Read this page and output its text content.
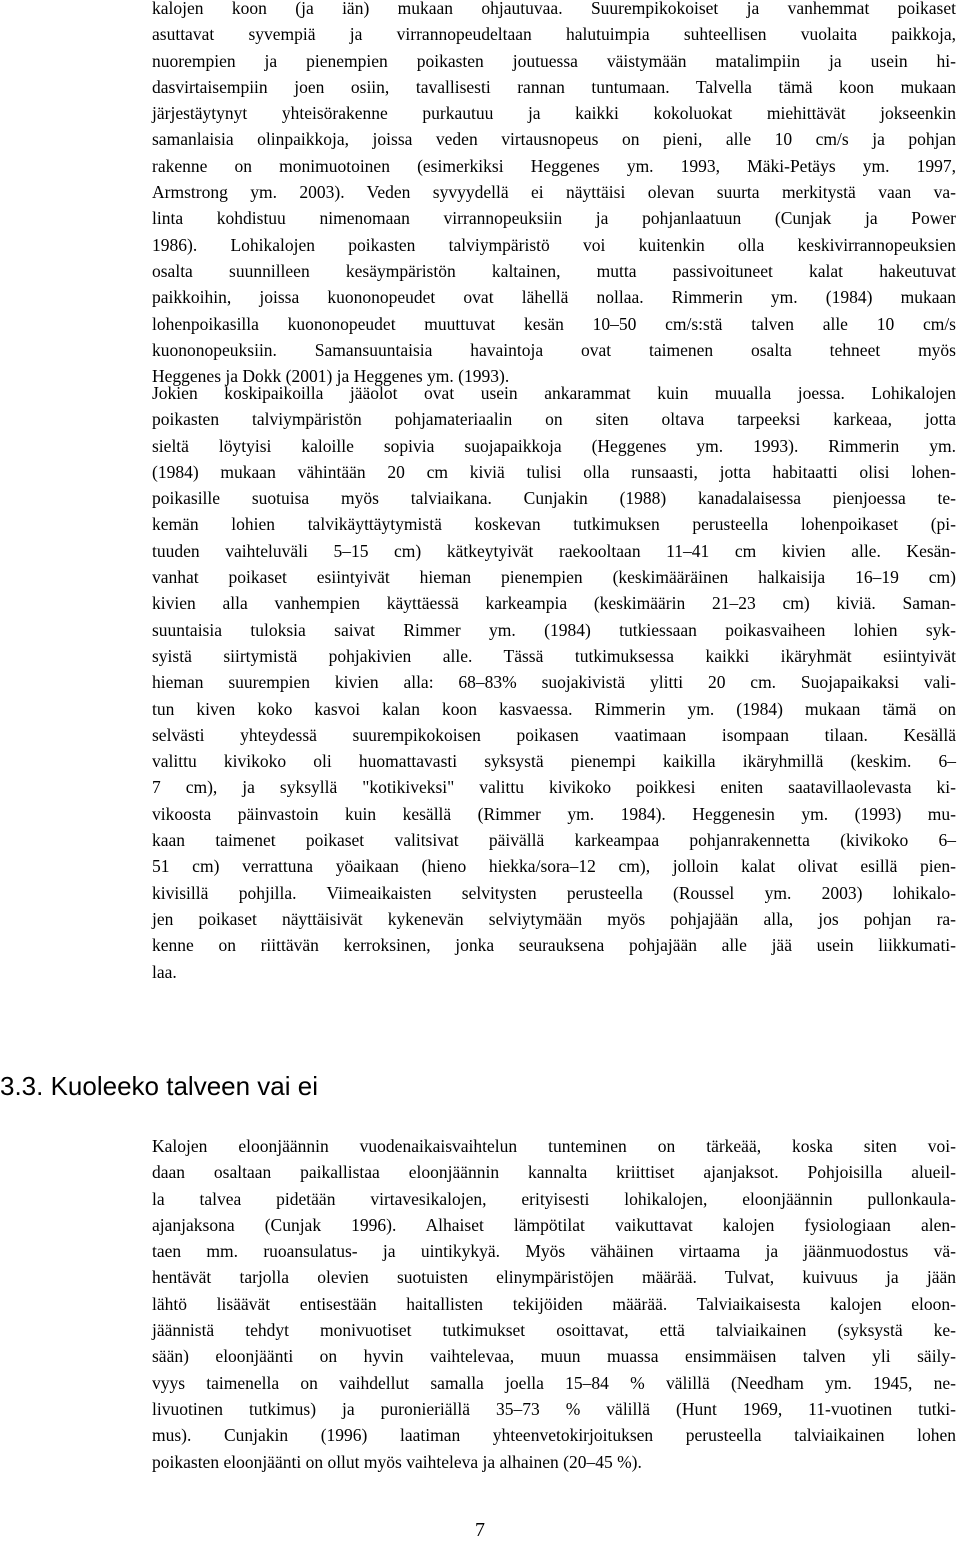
kalojen koon (ja iän) mukaan ohjautuvaa. Suurempikokoiset ja vanhemmat poikaset
asuttavat syvempiä ja virrannopeudeltaan halutuimpia suhteellisen vuolaita paikkoja,
nuorempien ja pienempien poikasten joutuessa väistymään matalimpiin ja usein hi-
dasvirtaisempiin joen osiin, tavallisesti rannan tuntumaan. Talvella tämä koon mukaan
järjestäytynyt yhteisörakenne purkautuu ja kaikki kokoluokat miehittävät jokseenkin
samanlaisia olinpaikkoja, joissa veden virtausnopeus on pieni, alle 10 cm/s ja pohjan
rakenne on monimuotoinen (esimerkiksi Heggenes ym. 1993, Mäki-Petäys ym. 1997,
Armstrong ym. 2003). Veden syvyydellä ei näyttäisi olevan suurta merkitystä vaan va-
linta kohdistuu nimenomaan virrannopeuksiin ja pohjanlaatuun (Cunjak ja Power
1986). Lohikalojen poikasten talviympäristö voi kuitenkin olla keskivirrannopeuksien
osalta suunnilleen kesäympäristön kaltainen, mutta passivoituneet kalat hakeutuvat
paikkoihin, joissa kuononopeudet ovat lähellä nollaa. Rimmerin ym. (1984) mukaan
lohenpoikasilla kuononopeudet muuttuvat kesän 10–50 cm/s:stä talven alle 10 cm/s
kuononopeuksiin. Samansuuntaisia havaintoja ovat taimenen osalta tehneet myös
Heggenes ja Dokk (2001) ja Heggenes ym. (1993).
Jokien koskipaikoilla jääolot ovat usein ankarammat kuin muualla joessa. Lohikalojen
poikasten talviympäristön pohjamateriaalin on siten oltava tarpeeksi karkeaa, jotta
sieltä löytyisi kaloille sopivia suojapaikkoja (Heggenes ym. 1993). Rimmerin ym.
(1984) mukaan vähintään 20 cm kiviä tulisi olla runsaasti, jotta habitaatti olisi lohen-
poikasille suotuisa myös talviaikana. Cunjakin (1988) kanadalaisessa pienjoessa te-
kemän lohien talvikäyttäytymistä koskevan tutkimuksen perusteella lohenpoikaset (pi-
tuuden vaihteluväli 5–15 cm) kätkeytyivät raekooltaan 11–41 cm kivien alle. Kesän-
vanhat poikaset esiintyivät hieman pienempien (keskimääräinen halkaisija 16–19 cm)
kivien alla vanhempien käyttäessä karkeampia (keskimäärin 21–23 cm) kiviä. Saman-
suuntaisia tuloksia saivat Rimmer ym. (1984) tutkiessaan poikasvaiheen lohien syk-
syistä siirtymistä pohjakivien alle. Tässä tutkimuksessa kaikki ikäryhmät esiintyivät
hieman suurempien kivien alla: 68–83% suojakivistä ylitti 20 cm. Suojapaikaksi vali-
tun kiven koko kasvoi kalan koon kasvaessa. Rimmerin ym. (1984) mukaan tämä on
selvästi yhteydessä suurempikokoisen poikasen vaatimaan isompaan tilaan. Kesällä
valittu kivikoko oli huomattavasti syksystä pienempi kaikilla ikäryhmillä (keskim. 6–
7 cm), ja syksyllä "kotikiveksi" valittu kivikoko poikkesi eniten saatavillaolevasta ki-
vikoosta päinvastoin kuin kesällä (Rimmer ym. 1984). Heggenesin ym. (1993) mu-
kaan taimenet poikaset valitsivat päivällä karkeampaa pohjanrakennetta (kivikoko 6–
51 cm) verrattuna yöaikaan (hieno hiekka/sora–12 cm), jolloin kalat olivat esillä pien-
kivisillä pohjilla. Viimeaikaisten selvitysten perusteella (Roussel ym. 2003) lohikalo-
jen poikaset näyttäisivät kykenevän selviytymään myös pohjajään alla, jos pohjan ra-
kenne on riittävän kerroksinen, jonka seurauksena pohjajään alle jää usein liikkumati-
laa.
3.3. Kuoleeko talveen vai ei
Kalojen eloonjäännin vuodenaikaisvaihtelun tunteminen on tärkeää, koska siten voi-
daan osaltaan paikallistaa eloonjäännin kannalta kriittiset ajanjaksot. Pohjoisilla alueil-
la talvea pidetään virtavesikalojen, erityisesti lohikalojen, eloonjäännin pullonkaula-
ajanjaksona (Cunjak 1996). Alhaiset lämpötilat vaikuttavat kalojen fysiologiaan alen-
taen mm. ruoansulatus- ja uintikykyä. Myös vähäinen virtaama ja jäänmuodostus vä-
hentävät tarjolla olevien suotuisten elinympäristöjen määrää. Tulvat, kuivuus ja jään
lähtö lisäävät entisestään haitallisten tekijöiden määrää. Talviaikaisesta kalojen eloon-
jäännistä tehdyt monivuotiset tutkimukset osoittavat, että talviaikainen (syksystä ke-
sään) eloonjäänti on hyvin vaihtelevaa, muun muassa ensimmäisen talven yli säily-
vyys taimenella on vaihdellut samalla joella 15–84 % välillä (Needham ym. 1945, ne-
livuotinen tutkimus) ja puronieriällä 35–73 % välillä (Hunt 1969, 11-vuotinen tutki-
mus). Cunjakin (1996) laatiman yhteenvetokirjoituksen perusteella talviaikainen lohen
poikasten eloonjäänti on ollut myös vaihteleva ja alhainen (20–45 %).
7
